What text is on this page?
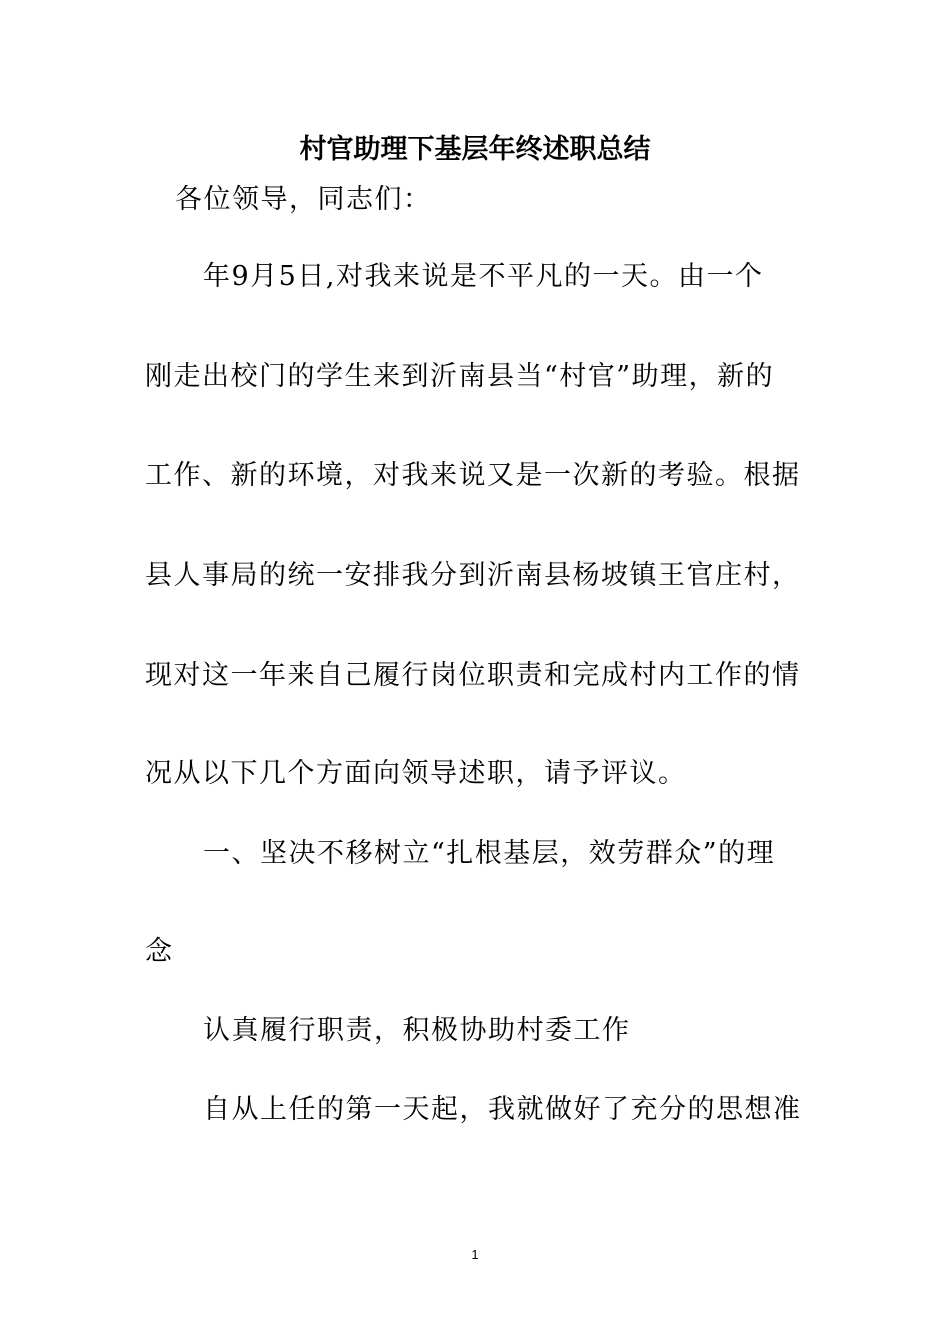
村官助理下基层年终述职总结
各位领导，同志们：
年9月5日,对我来说是不平凡的一天。由一个
刚走出校门的学生来到沂南县当“村官”助理，新的
工作、新的环境，对我来说又是一次新的考验。根据
县人事局的统一安排我分到沂南县杨坡镇王官庄村，
现对这一年来自己履行岗位职责和完成村内工作的情
况从以下几个方面向领导述职，请予评议。
一、坚决不移树立“扎根基层，效劳群众”的理
念
认真履行职责，积极协助村委工作
自从上任的第一天起，我就做好了充分的思想准
1
